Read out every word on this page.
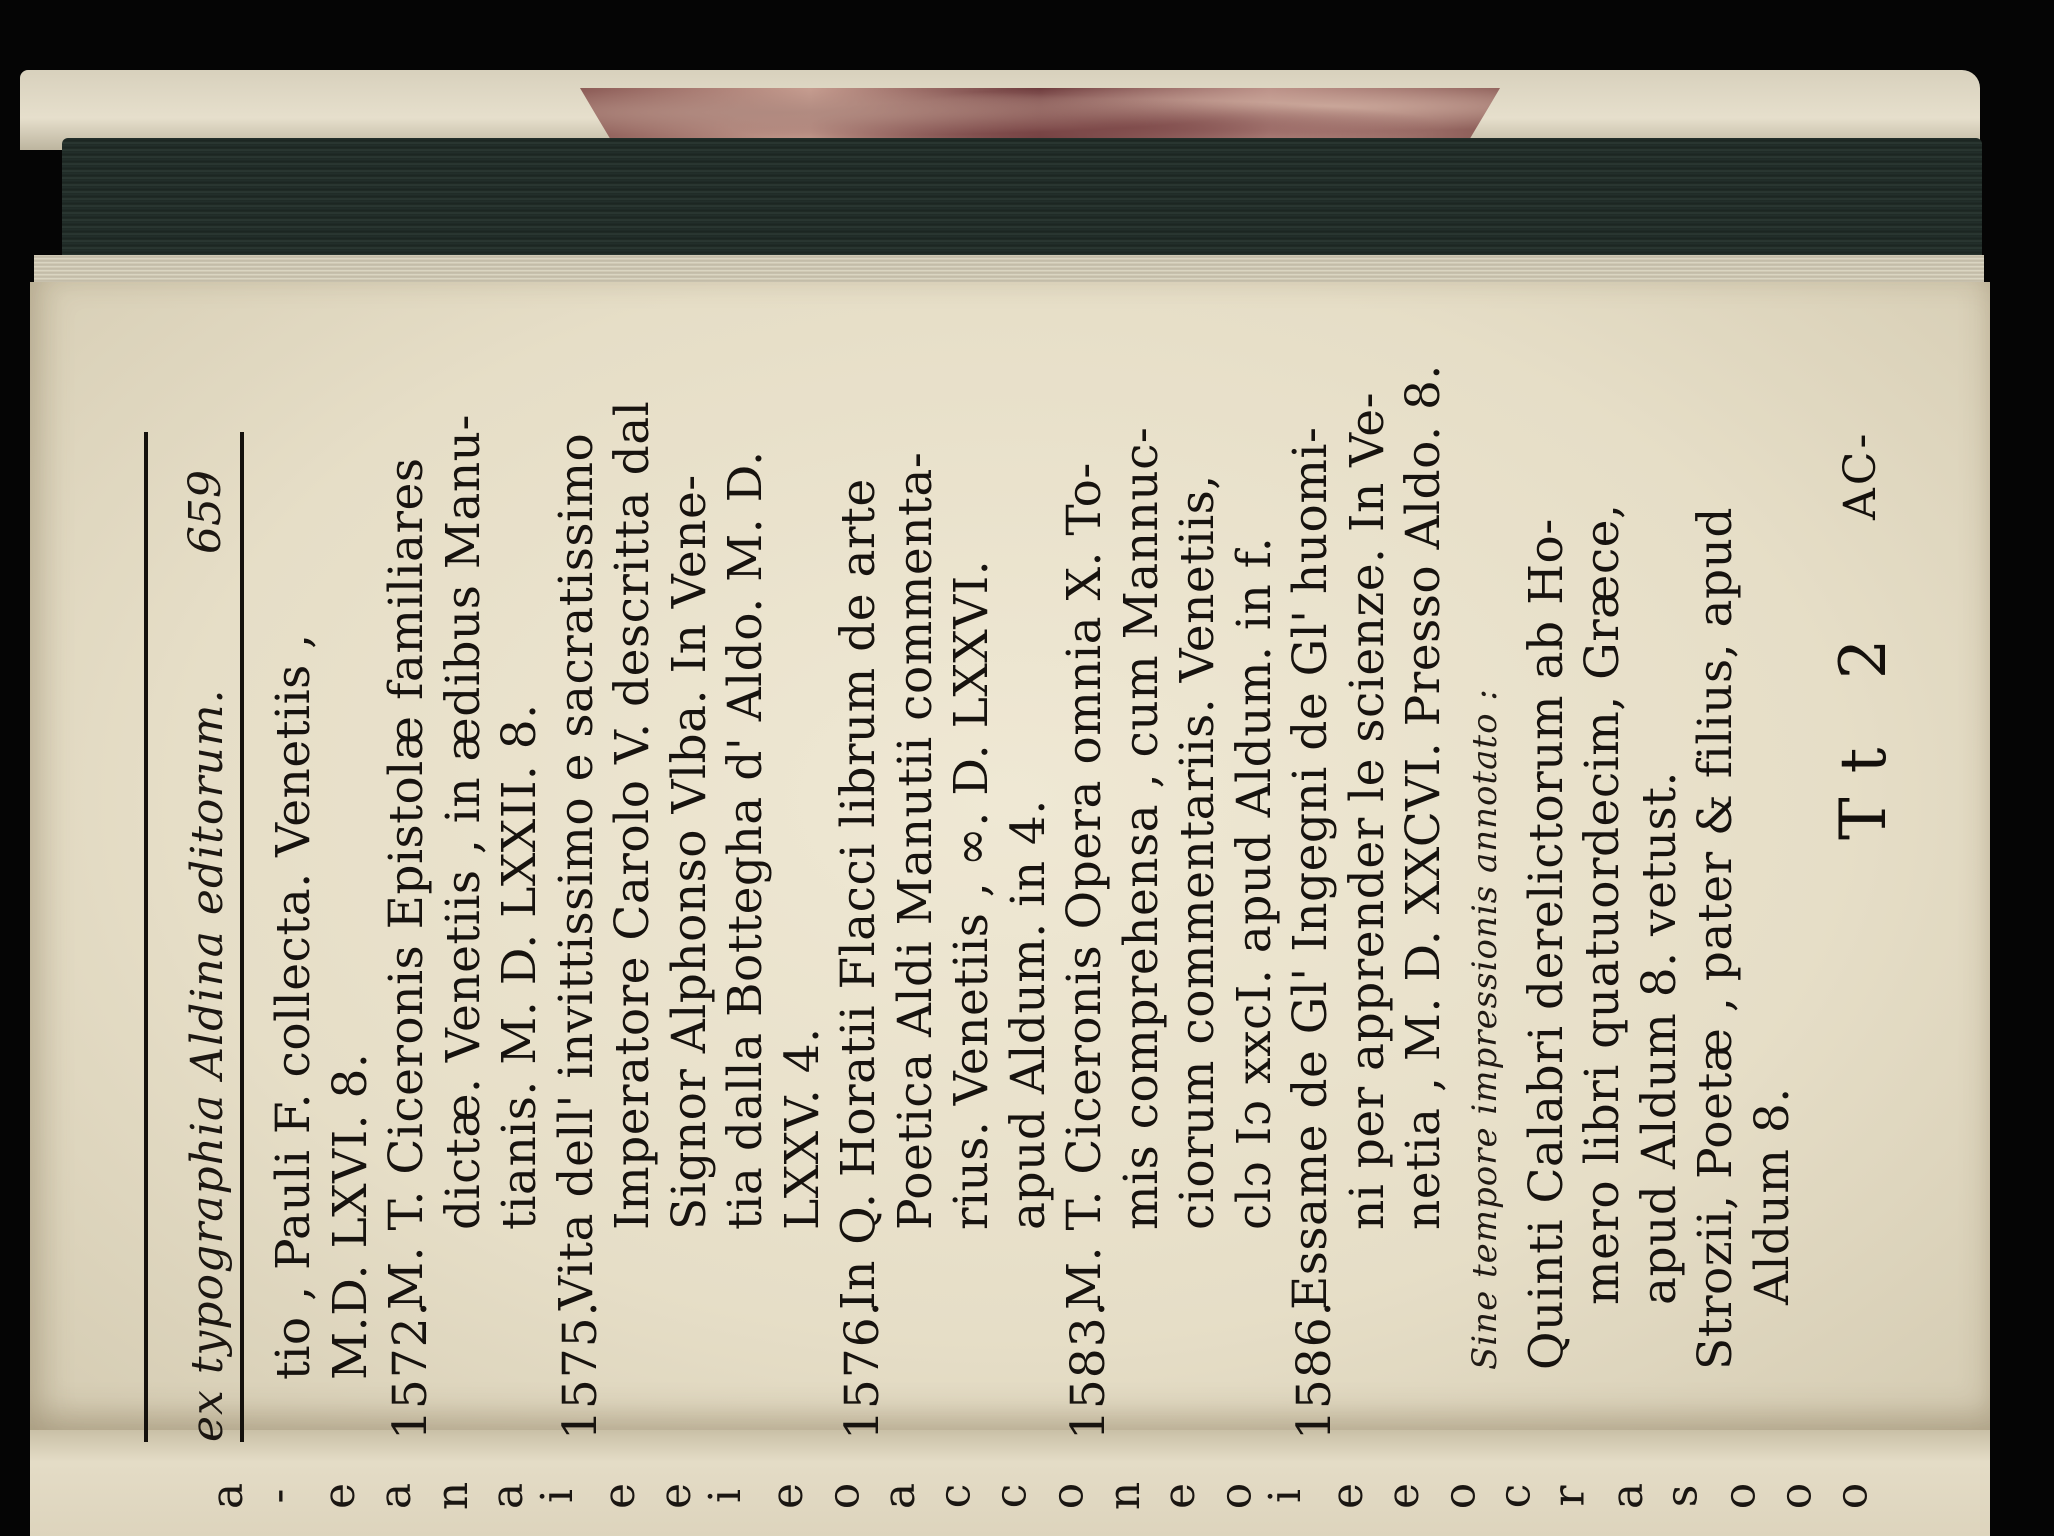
a - e a n a
i e e i e o a c c o n e o
i e e o c r a s o o o
ex typographia Aldina editorum.
659
tio , Pauli F. collecta. Venetiis , M.D. LXVI. 8. 1572.
M. T. Ciceronis Epistolæ familiares dictæ. Venetiis , in ædibus Manu- tianis. M. D. LXXII. 8.
1575.
Vita dell' invittissimo e sacratissimo Imperatore Carolo V. descritta dal Signor Alphonso Vlba. In Vene- tia dalla Bottegha d' Aldo. M. D. LXXV. 4.
1576.
In Q. Horatii Flacci librum de arte Poetica Aldi Manutii commenta- rius. Venetiis , ∞. D. LXXVI. apud Aldum. in 4.
1583.
M. T. Ciceronis Opera omnia X. To- mis comprehensa , cum Mannuc- ciorum commentariis. Venetiis, clɔ Iɔ xxcI. apud Aldum. in f.
1586.
Essame de Gl' Ingegni de Gl' huomi- ni per apprender le scienze. In Ve- netia , M. D. XXCVI. Presso Aldo. 8. Sine tempore impressionis annotato : Quinti Calabri derelictorum ab Ho- mero libri quatuordecim, Græce, apud Aldum 8. vetust. Strozii, Poetæ , pater & filius, apud Aldum 8.
Tt 2
AC-
